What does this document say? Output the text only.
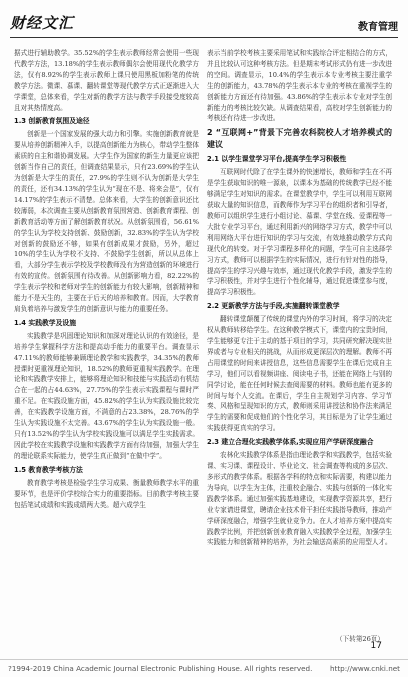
财经文汇	教育管理

据式进行辅助教学。35.52%的学生表示教师经常会使用一些现代教学方法，13.18%的学生表示教师偶尔会使用现代化教学方法，仅有8.92%的学生表示教师上课只使用黑板加粉笔的传统教学方法。微课、慕课、翻转课堂等现代教学方式正逐渐进入大学课堂，总体来看，学生对新的教学方法与教学手段接受度较高且对其热情度高。

1.3 创新教育氛围及途径

创新是一个国家发展的强大动力和引擎。实施创新教育就是要从培养创新精神入手，以提高创新能力为核心，带动学生整体素质的自主和谐协调发展。大学生作为国家的新生力量更应该把创新当作自己的责任，但调查结果显示，只有23.69%的学生认为创新是大学生的责任，27.9%的学生则不认为创新是大学生的责任，还有34.13%的学生认为“现在不是、将来会是”，仅有14.17%的学生表示不清楚。总体来看，大学生的创新意识还比较薄弱，本次调查主要从创新教育氛围营造、创新教育课程、创新教育活动等方面了解创新教育状况。从创新氛围看，56.61%的学生认为学校支持创新、鼓励创新，32.83%的学生认为学校对创新的鼓励还不够，如果有创新成果才鼓励，另外，超过10%的学生认为学校不支持、不鼓励学生创新，所以从总体上看，大部分学生表示学校及学校教师没有为营造创新的环境进行有效的宣传。创新氛围有待改善。从创新影响力看，82.22%的学生表示学校和老师对学生的创新能力有较大影响，创新精神和能力不是天生的，主要在于后天的培养和教育。因而，大学教育肩负着培养与激发学生的创新意识与能力的重要任务。

1.4 实践教学及设施

实践教学是巩固理论知识和加深对理论认识的有效途径，是培养学生掌握科学方法和提高动手能力的重要平台。调查显示47.11%的教师能够兼顾理论教学和实践教学，34.35%的教师授课时更重视理论知识，18.52%的教师更重视实践教学。在理论和实践教学安排上，能够将理论知识和技能与实践活动有机结合在一起的占44.63%，27.75%的学生表示实践课程与课时严重不足。在实践设施方面，45.82%的学生认为实践设施比较完善，在实践教学设施方面，不满意的占23.38%，28.76%的学生认为实践设施不太完善。43.67%的学生认为实践设施一般。只有13.52%的学生认为学校实践设施可以满足学生实践需求。因此学校在实践教学设施和实践教学方面有待加强，加强大学生的理论联系实际能力，使学生真正做到“在做中学”。

1.5 教育教学考核方法

教育教学考核是检验学生学习成果、衡量教师教学水平的重要环节，也是评价学校综合实力的重要指标。目前教学考核主要包括笔试成绩和实践成绩两大类。超六成学生

表示当前学校考核主要采用笔试和实践综合评定相结合的方式，并且比较认可这种考核方法。但是期末考试形式仍有进一步改进的空间。调查显示，10.4%的学生表示本专业考核主要注重学生的创新能力，43.78%的学生表示本专业的考核在重视学生的创新能力方面还有待加强。43.86%的学生表示本专业对学生创新能力的考核比较欠缺。从调查结果看，高校对学生创新能力的考核还有待进一步改进。

2 “互联网+”背景下完善农科院校人才培养模式的建议
2.1 以学生课堂学习平台,提高学生学习积极性

互联网时代除了在学生课外的快速增长，教师和学生在不再是学生获取知识的唯一源泉，以课本为基础的传统教学已经不能够满足学生对知识的需求。在课堂教学中，学生可以利用互联网获取大量的知识信息，而教师作为学习平台的组织者和引导者，教师可以组织学生进行小组讨论、慕课、学堂在线、爱课程等一大批专业学习平台，通过利用新兴的网络学习方式，教学中可以利用网络大平台进行知识的学习与交流，有效地推动教学方式向现代化的转变。对于学习课程多样化的问题，学生可自主选择学习方式，教师可以根据学生的实际情况，进行有针对性的指导，提高学生的学习兴趣与效率，通过现代化教学手段，激发学生的学习积极性，并对学生进行个性化辅导，通过促进课堂参与度，提高学习积极性。

2.2 更新教学方法与手段,实施翻转课堂教学

翻转课堂颠覆了传统的课堂内外的学习时间，将学习的决定权从教师转移给学生。在这种教学模式下，课堂内的宝贵时间，学生能够更专注于主动的基于项目的学习，共同研究解决现实世界或者与专业相关的挑战，从而形成更深层次的理解。教师不再占用课堂的时间来讲授信息，这些信息需要学生在课后完成自主学习，他们可以看视频讲座、阅读电子书，还能在网络上与别的同学讨论，能在任何时候去查阅需要的材料。教师也能有更多的时间与每个人交流。在课后，学生自主规划学习内容、学习节奏、风格和呈现知识的方式，教师则采用讲授法和协作法来满足学生的需要和促成他们的个性化学习，其目标是为了让学生通过实践获得更真实的学习。

2.3 建立合理化实践教学体系,实现应用产学研深度融合

农林化实践教学体系是指由理论教学和实践教学，包括实验课、实习课、课程设计、毕业论文、社会调查等构成的多层次、多形式的教学体系。根据各学科的特点和实际需要，构建以能力为导向，以学生为主体，注重校企融合、实践与创新的一体化实践教学体系。通过加强实践基地建设，实现教学资源共享，把行业专家请进课堂，聘请企业技术骨干担任实践指导教师，推动产学研深度融合，增强学生就业竞争力。在人才培养方案中提高实践教学比例，并把创新创业教育融入实践教学全过程，加强学生实践能力和创新精神的培养，为社会输送高素质的应用型人才。

（下转第26页）
17
?1994-2019 China Academic Journal Electronic Publishing House. All rights reserved. http://www.cnki.net
